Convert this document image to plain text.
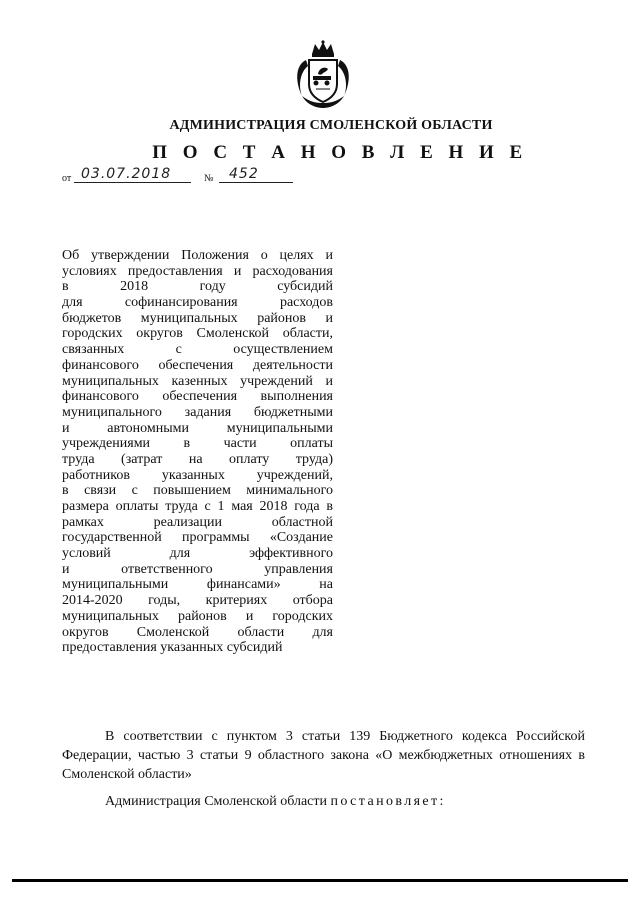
АДМИНИСТРАЦИЯ СМОЛЕНСКОЙ ОБЛАСТИ
П О С Т А Н О В Л Е Н И Е
от 03.07.2018	№ 452
Об утверждении Положения о целях и
условиях предоставления и расходования
в 2018 году субсидий
для софинансирования расходов
бюджетов муниципальных районов и
городских округов Смоленской области,
связанных с осуществлением
финансового обеспечения деятельности
муниципальных казенных учреждений и
финансового обеспечения выполнения
муниципального задания бюджетными
и автономными муниципальными
учреждениями в части оплаты
труда (затрат на оплату труда)
работников указанных учреждений,
в связи с повышением минимального
размера оплаты труда с 1 мая 2018 года в
рамках реализации областной
государственной программы «Создание
условий для эффективного
и ответственного управления
муниципальными финансами» на
2014-2020 годы, критериях отбора
муниципальных районов и городских
округов Смоленской области для
предоставления указанных субсидий
В соответствии с пунктом 3 статьи 139 Бюджетного кодекса Российской Федерации, частью 3 статьи 9 областного закона «О межбюджетных отношениях в Смоленской области»
Администрация Смоленской области постановляет:
